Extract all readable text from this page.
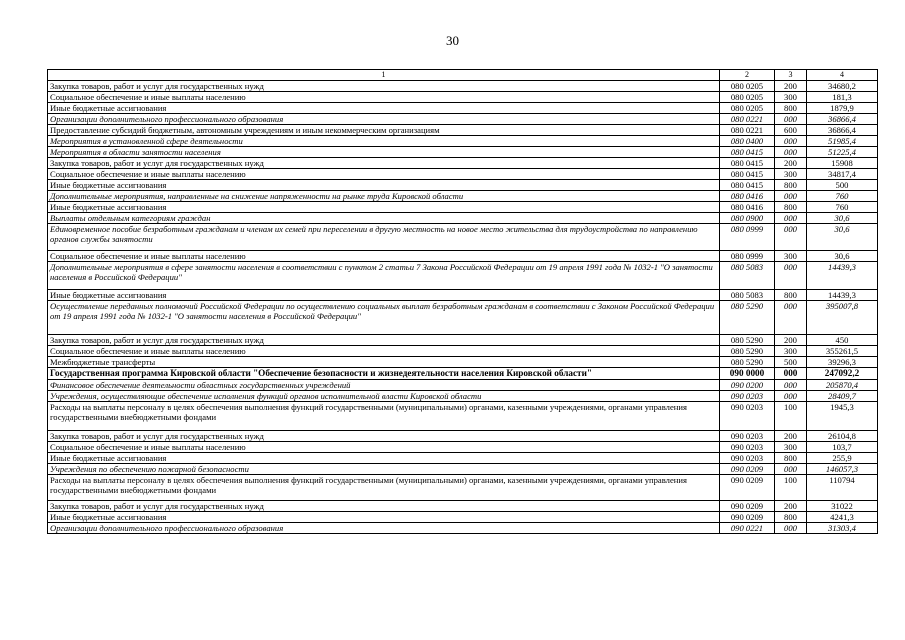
30
1	2	3	4
Закупка товаров, работ и услуг для государственных нужд	080 0205	200	34680,2
Социальное обеспечение и иные выплаты населению	080 0205	300	181,3
Иные бюджетные ассигнования	080 0205	800	1879,9
Организации дополнительного профессионального образования	080 0221	000	36866,4
Предоставление субсидий бюджетным, автономным учреждениям и иным некоммерческим организациям	080 0221	600	36866,4
Мероприятия в установленной сфере деятельности	080 0400	000	51985,4
Мероприятия в области занятости населения	080 0415	000	51225,4
Закупка товаров, работ и услуг для государственных нужд	080 0415	200	15908
Социальное обеспечение и иные выплаты населению	080 0415	300	34817,4
Иные бюджетные ассигнования	080 0415	800	500
Дополнительные мероприятия, направленные на снижение напряженности на рынке труда Кировской области	080 0416	000	760
Иные бюджетные ассигнования	080 0416	800	760
Выплаты отдельным категориям граждан	080 0900	000	30,6
Единовременное пособие безработным гражданам и членам их семей при переселении в другую местность на новое место жительства для трудоустройства по направлению органов службы занятости	080 0999	000	30,6
Социальное обеспечение и иные выплаты населению	080 0999	300	30,6
Дополнительные мероприятия в сфере занятости населения в соответствии с пунктом 2 статьи 7 Закона Российской Федерации от 19 апреля 1991 года № 1032-1 "О занятости населения в Российской Федерации"	080 5083	000	14439,3
Иные бюджетные ассигнования	080 5083	800	14439,3
Осуществление переданных полномочий Российской Федерации по осуществлению социальных выплат безработным гражданам в соответствии с Законом Российской Федерации от 19 апреля 1991 года № 1032-1 "О занятости населения в Российской Федерации"	080 5290	000	395007,8
Закупка товаров, работ и услуг для государственных нужд	080 5290	200	450
Социальное обеспечение и иные выплаты населению	080 5290	300	355261,5
Межбюджетные трансферты	080 5290	500	39296,3
Государственная программа Кировской области "Обеспечение безопасности и жизнедеятельности населения Кировской области"	090 0000	000	247092,2
Финансовое обеспечение деятельности областных государственных учреждений	090 0200	000	205870,4
Учреждения, осуществляющие обеспечение исполнения функций органов исполнительной власти Кировской области	090 0203	000	28409,7
Расходы на выплаты персоналу в целях обеспечения выполнения функций государственными (муниципальными) органами, казенными учреждениями, органами управления государственными внебюджетными фондами	090 0203	100	1945,3
Закупка товаров, работ и услуг для государственных нужд	090 0203	200	26104,8
Социальное обеспечение и иные выплаты населению	090 0203	300	103,7
Иные бюджетные ассигнования	090 0203	800	255,9
Учреждения по обеспечению пожарной безопасности	090 0209	000	146057,3
Расходы на выплаты персоналу в целях обеспечения выполнения функций государственными (муниципальными) органами, казенными учреждениями, органами управления государственными внебюджетными фондами	090 0209	100	110794
Закупка товаров, работ и услуг для государственных нужд	090 0209	200	31022
Иные бюджетные ассигнования	090 0209	800	4241,3
Организации дополнительного профессионального образования	090 0221	000	31303,4
